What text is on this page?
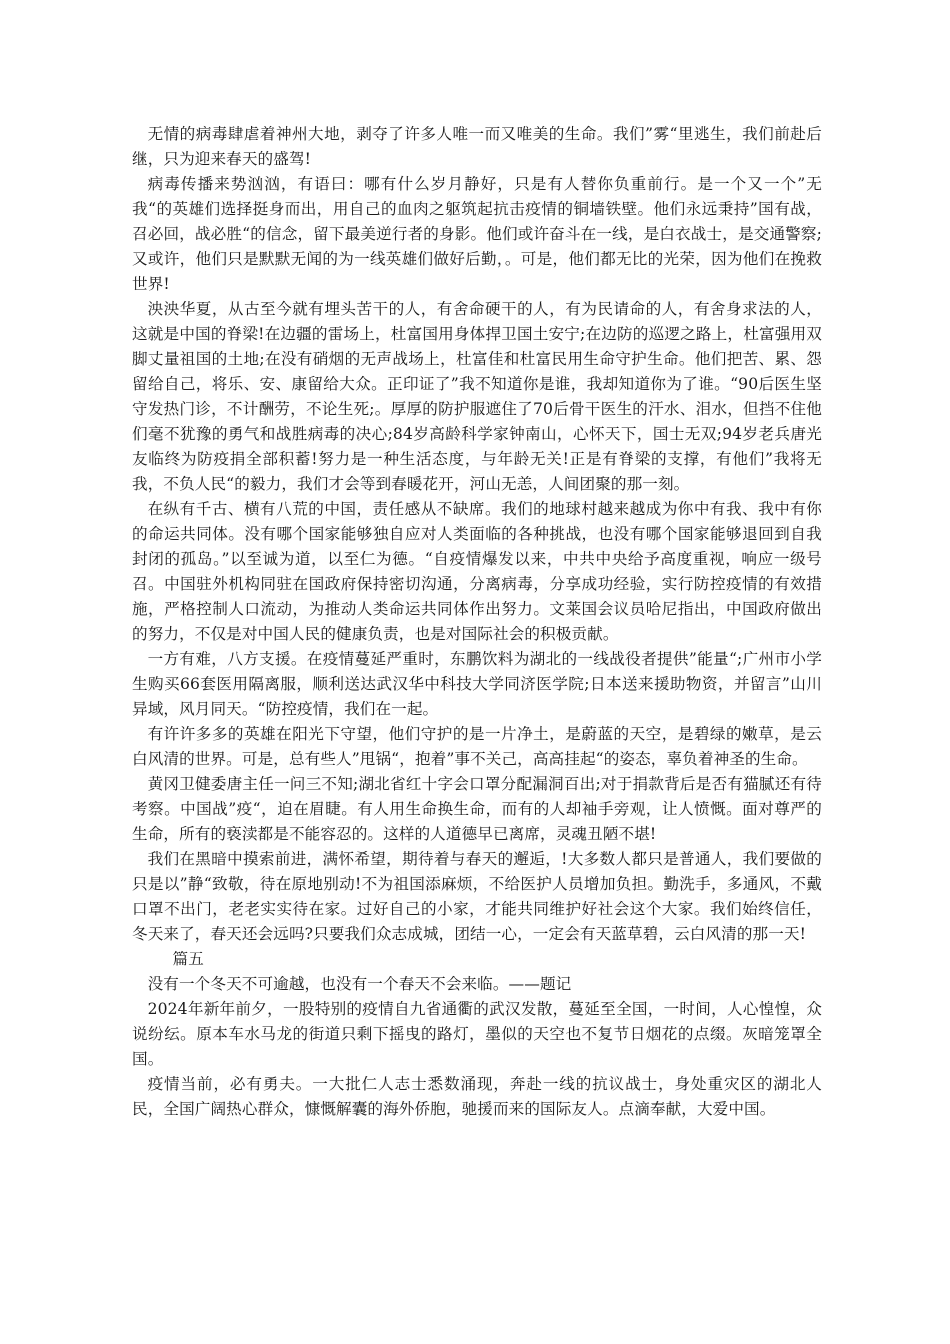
无情的病毒肆虐着神州大地，剥夺了许多人唯一而又唯美的生命。我们”雾“里逃生，我们前赴后继，只为迎来春天的盛驾!

病毒传播来势汹汹，有语曰：哪有什么岁月静好，只是有人替你负重前行。是一个又一个”无我“的英雄们选择挺身而出，用自己的血肉之躯筑起抗击疫情的铜墙铁壁。他们永远秉持”国有战，召必回，战必胜“的信念，留下最美逆行者的身影。他们或许奋斗在一线，是白衣战士，是交通警察;又或许，他们只是默默无闻的为一线英雄们做好后勤，。可是，他们都无比的光荣，因为他们在挽救世界!

泱泱华夏，从古至今就有埋头苦干的人，有舍命硬干的人，有为民请命的人，有舍身求法的人，这就是中国的脊梁!在边疆的雷场上，杜富国用身体捍卫国土安宁;在边防的巡逻之路上，杜富强用双脚丈量祖国的土地;在没有硝烟的无声战场上，杜富佳和杜富民用生命守护生命。他们把苦、累、怨留给自己，将乐、安、康留给大众。正印证了”我不知道你是谁，我却知道你为了谁。“90后医生坚守发热门诊，不计酬劳，不论生死;。厚厚的防护服遮住了70后骨干医生的汗水、泪水，但挡不住他们毫不犹豫的勇气和战胜病毒的决心;84岁高龄科学家钟南山，心怀天下，国士无双;94岁老兵唐光友临终为防疫捐全部积蓄!努力是一种生活态度，与年龄无关!正是有脊梁的支撑，有他们”我将无我，不负人民“的毅力，我们才会等到春暖花开，河山无恙，人间团聚的那一刻。

在纵有千古、横有八荒的中国，责任感从不缺席。我们的地球村越来越成为你中有我、我中有你的命运共同体。没有哪个国家能够独自应对人类面临的各种挑战，也没有哪个国家能够退回到自我封闭的孤岛。”以至诚为道，以至仁为德。“自疫情爆发以来，中共中央给予高度重视，响应一级号召。中国驻外机构同驻在国政府保持密切沟通，分离病毒，分享成功经验，实行防控疫情的有效措施，严格控制人口流动，为推动人类命运共同体作出努力。文莱国会议员哈尼指出，中国政府做出的努力，不仅是对中国人民的健康负责，也是对国际社会的积极贡献。

一方有难，八方支援。在疫情蔓延严重时，东鹏饮料为湖北的一线战役者提供”能量“;广州市小学生购买66套医用隔离服，顺利送达武汉华中科技大学同济医学院;日本送来援助物资，并留言”山川异域，风月同天。“防控疫情，我们在一起。

有许许多多的英雄在阳光下守望，他们守护的是一片净土，是蔚蓝的天空，是碧绿的嫩草，是云白风清的世界。可是，总有些人”甩锅“，抱着”事不关己，高高挂起“的姿态，辜负着神圣的生命。

黄冈卫健委唐主任一问三不知;湖北省红十字会口罩分配漏洞百出;对于捐款背后是否有猫腻还有待考察。中国战”疫“，迫在眉睫。有人用生命换生命，而有的人却袖手旁观，让人愤慨。面对尊严的生命，所有的亵渎都是不能容忍的。这样的人道德早已离席，灵魂丑陋不堪!

我们在黑暗中摸索前进，满怀希望，期待着与春天的邂逅，!大多数人都只是普通人，我们要做的只是以”静“致敬，待在原地别动!不为祖国添麻烦，不给医护人员增加负担。勤洗手，多通风，不戴口罩不出门，老老实实待在家。过好自己的小家，才能共同维护好社会这个大家。我们始终信任，冬天来了，春天还会远吗?只要我们众志成城，团结一心，一定会有天蓝草碧，云白风清的那一天!

篇五

没有一个冬天不可逾越，也没有一个春天不会来临。——题记

2024年新年前夕，一股特别的疫情自九省通衢的武汉发散，蔓延至全国，一时间，人心惶惶，众说纷纭。原本车水马龙的街道只剩下摇曳的路灯，墨似的天空也不复节日烟花的点缀。灰暗笼罩全国。

疫情当前，必有勇夫。一大批仁人志士悉数涌现，奔赴一线的抗议战士，身处重灾区的湖北人民，全国广阔热心群众，慷慨解囊的海外侨胞，驰援而来的国际友人。点滴奉献，大爱中国。
